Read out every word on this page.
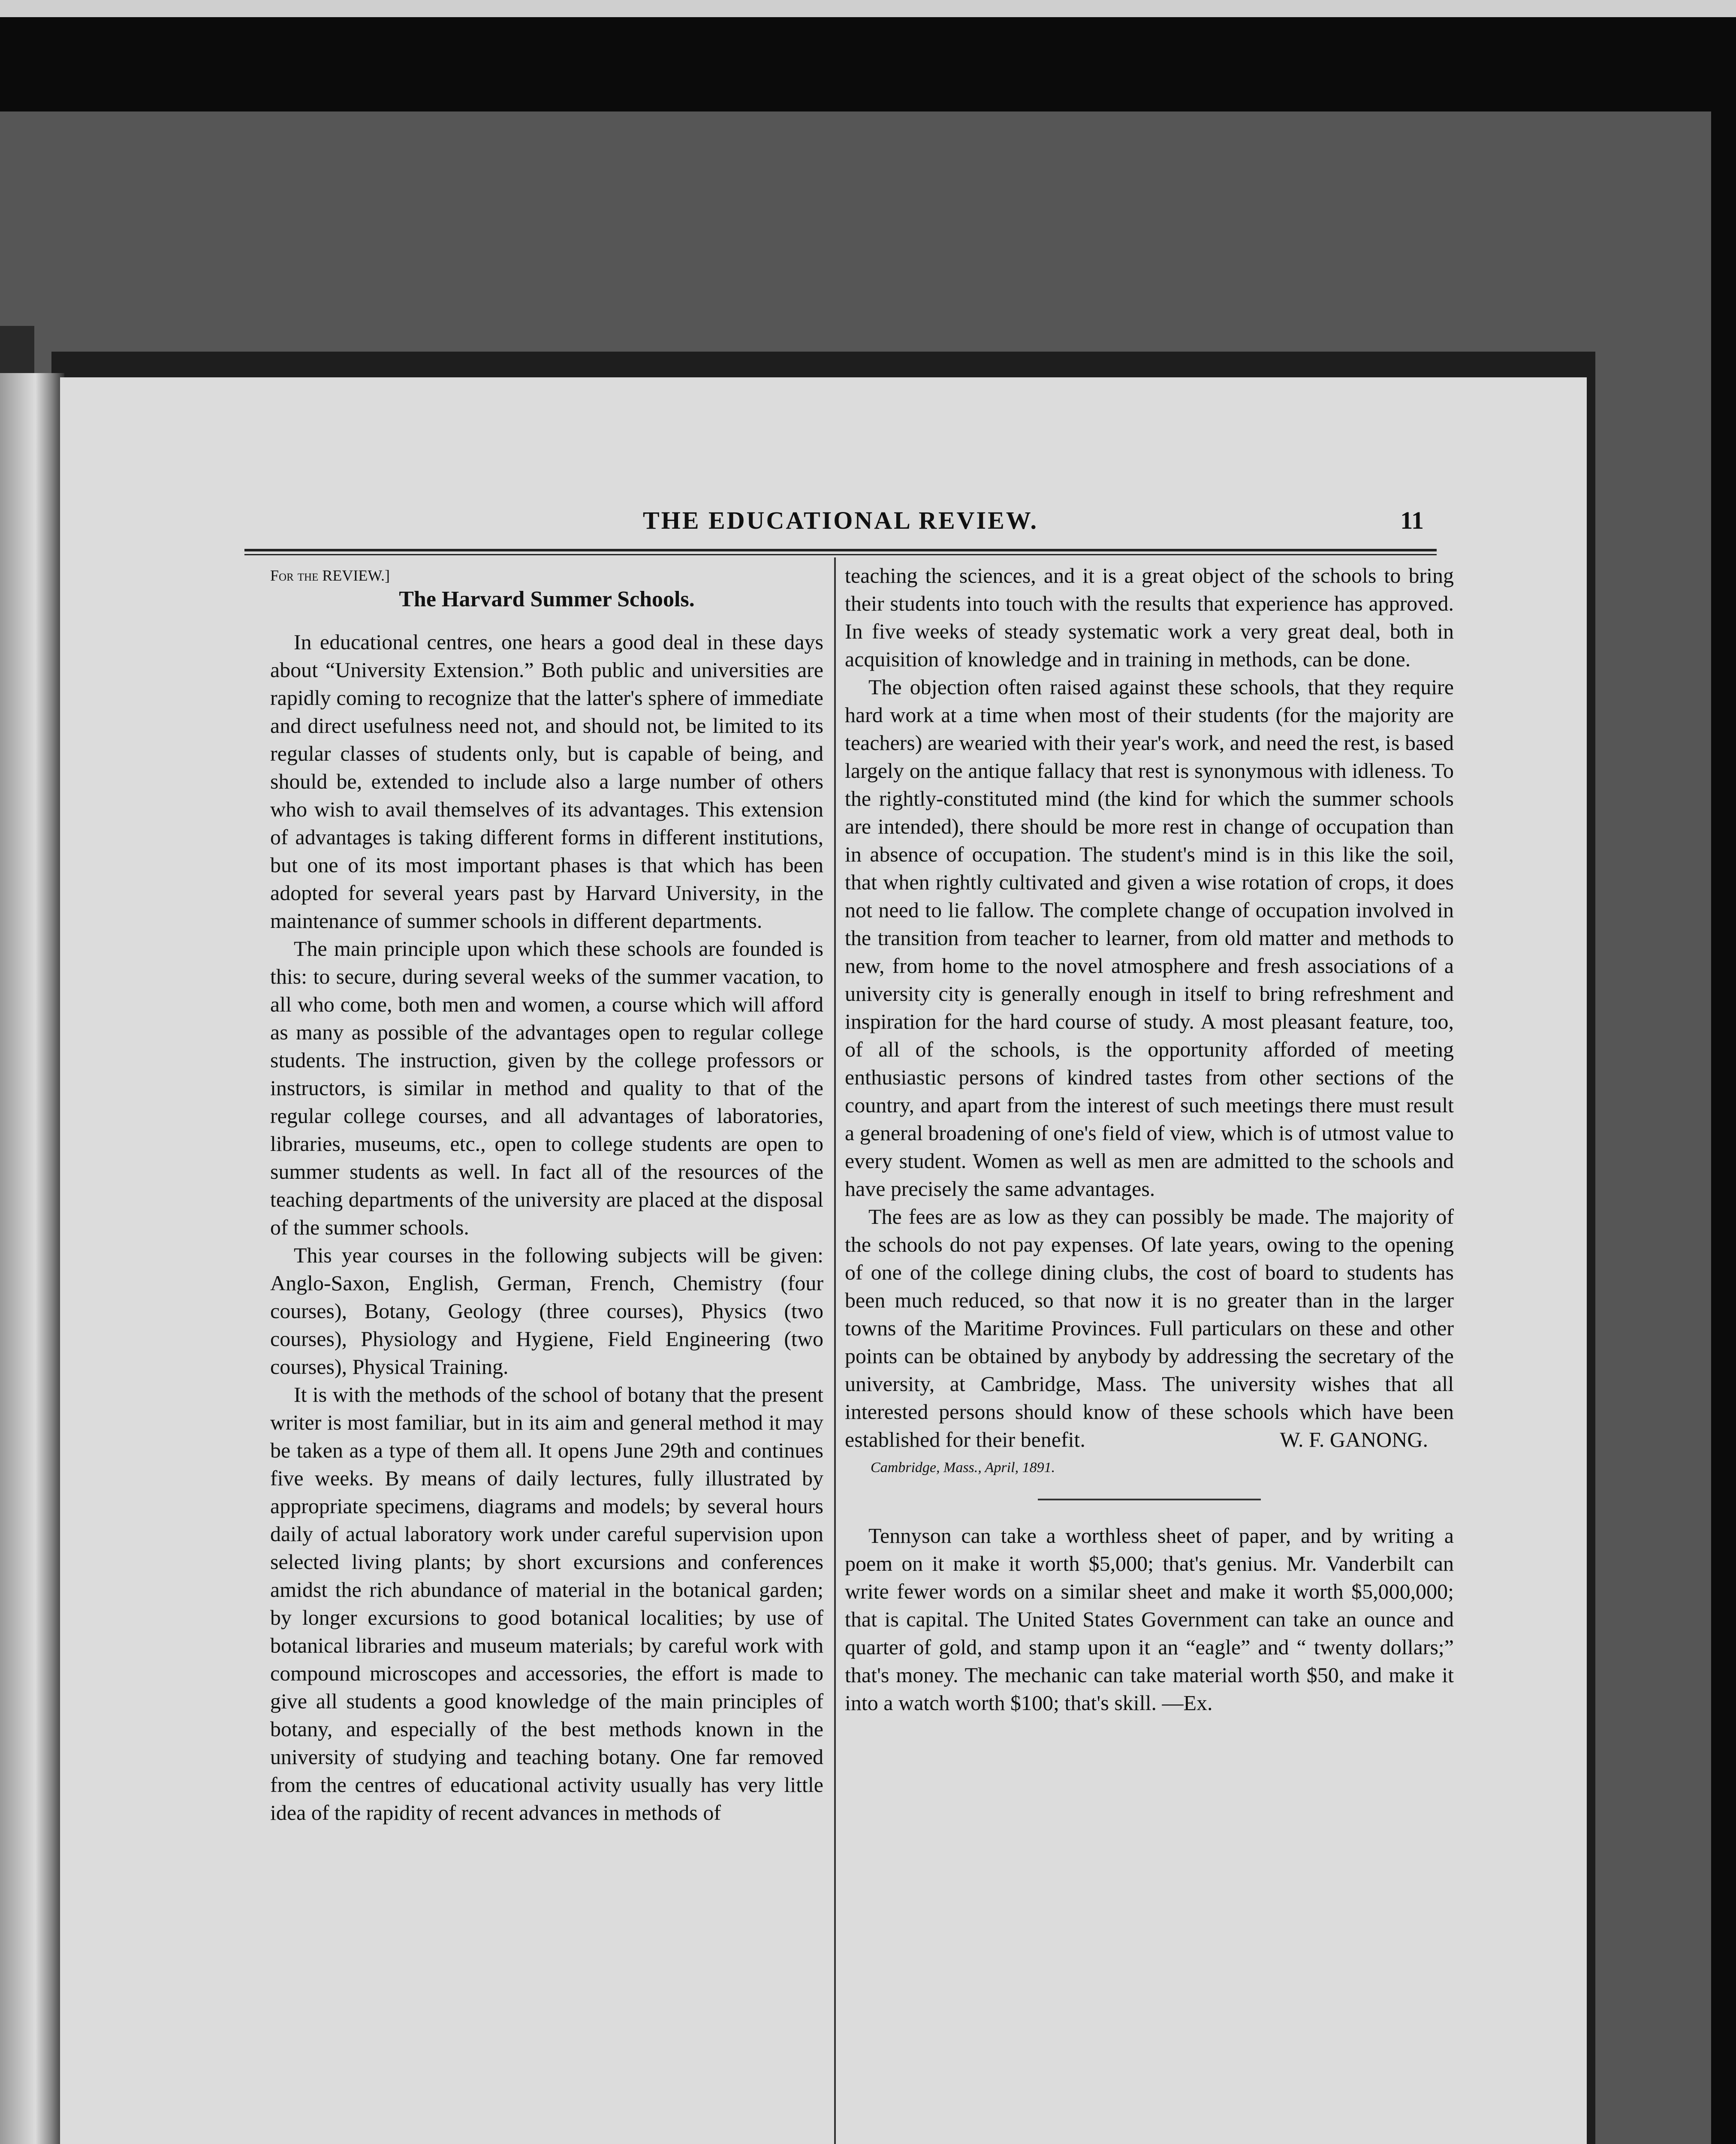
THE EDUCATIONAL REVIEW.	11
For the REVIEW.]
The Harvard Summer Schools.

In educational centres, one hears a good deal in these days about “University Extension.” Both public and universities are rapidly coming to recognize that the latter's sphere of immediate and direct usefulness need not, and should not, be limited to its regular classes of students only, but is capable of being, and should be, extended to include also a large number of others who wish to avail themselves of its advantages. This extension of advantages is taking different forms in different institutions, but one of its most important phases is that which has been adopted for several years past by Harvard University, in the maintenance of summer schools in different departments.

The main principle upon which these schools are founded is this: to secure, during several weeks of the summer vacation, to all who come, both men and women, a course which will afford as many as possible of the advantages open to regular college students. The instruction, given by the college professors or instructors, is similar in method and quality to that of the regular college courses, and all advantages of laboratories, libraries, museums, etc., open to college students are open to summer students as well. In fact all of the resources of the teaching departments of the university are placed at the disposal of the summer schools.

This year courses in the following subjects will be given: Anglo-Saxon, English, German, French, Chemistry (four courses), Botany, Geology (three courses), Physics (two courses), Physiology and Hygiene, Field Engineering (two courses), Physical Training.

It is with the methods of the school of botany that the present writer is most familiar, but in its aim and general method it may be taken as a type of them all. It opens June 29th and continues five weeks. By means of daily lectures, fully illustrated by appropriate specimens, diagrams and models; by several hours daily of actual laboratory work under careful supervision upon selected living plants; by short excursions and conferences amidst the rich abundance of material in the botanical garden; by longer excursions to good botanical localities; by use of botanical libraries and museum materials; by careful work with compound microscopes and accessories, the effort is made to give all students a good knowledge of the main principles of botany, and especially of the best methods known in the university of studying and teaching botany. One far removed from the centres of educational activity usually has very little idea of the rapidity of recent advances in methods of

teaching the sciences, and it is a great object of the schools to bring their students into touch with the results that experience has approved. In five weeks of steady systematic work a very great deal, both in acquisition of knowledge and in training in methods, can be done.

The objection often raised against these schools, that they require hard work at a time when most of their students (for the majority are teachers) are wearied with their year's work, and need the rest, is based largely on the antique fallacy that rest is synonymous with idleness. To the rightly-constituted mind (the kind for which the summer schools are intended), there should be more rest in change of occupation than in absence of occupation. The student's mind is in this like the soil, that when rightly cultivated and given a wise rotation of crops, it does not need to lie fallow. The complete change of occupation involved in the transition from teacher to learner, from old matter and methods to new, from home to the novel atmosphere and fresh associations of a university city is generally enough in itself to bring refreshment and inspiration for the hard course of study. A most pleasant feature, too, of all of the schools, is the opportunity afforded of meeting enthusiastic persons of kindred tastes from other sections of the country, and apart from the interest of such meetings there must result a general broadening of one's field of view, which is of utmost value to every student. Women as well as men are admitted to the schools and have precisely the same advantages.

The fees are as low as they can possibly be made. The majority of the schools do not pay expenses. Of late years, owing to the opening of one of the college dining clubs, the cost of board to students has been much reduced, so that now it is no greater than in the larger towns of the Maritime Provinces. Full particulars on these and other points can be obtained by anybody by addressing the secretary of the university, at Cambridge, Mass. The university wishes that all interested persons should know of these schools which have been established for their benefit.	W. F. GANONG.

Cambridge, Mass., April, 1891.

Tennyson can take a worthless sheet of paper, and by writing a poem on it make it worth $5,000; that's genius. Mr. Vanderbilt can write fewer words on a similar sheet and make it worth $5,000,000; that is capital. The United States Government can take an ounce and quarter of gold, and stamp upon it an “eagle” and “ twenty dollars;” that's money. The mechanic can take material worth $50, and make it into a watch worth $100; that's skill. —Ex.
